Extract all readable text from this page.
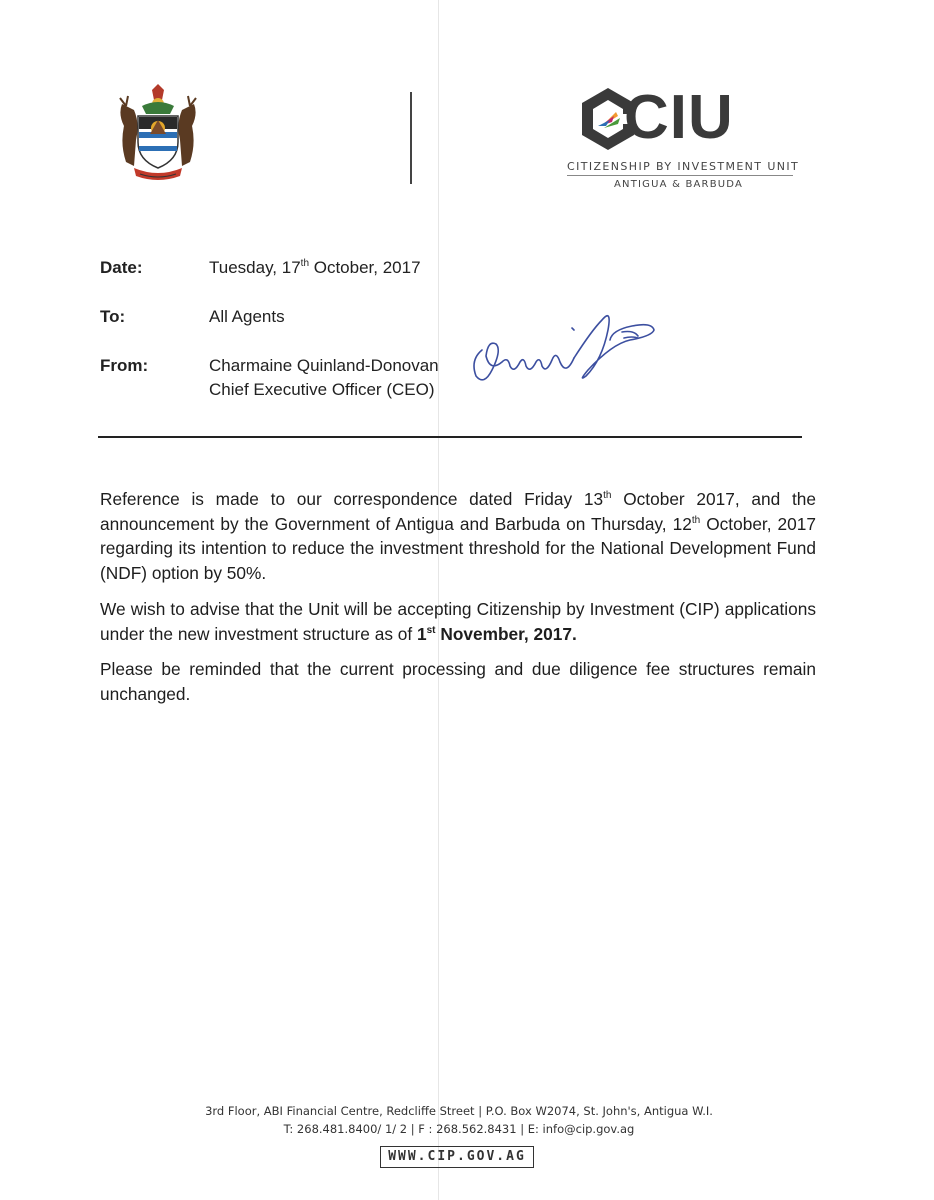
CIU
CITIZENSHIP BY INVESTMENT UNIT
ANTIGUA & BARBUDA
Date:	Tuesday, 17th October, 2017
To:	All Agents
From:	Charmaine Quinland-Donovan
Chief Executive Officer (CEO)

Reference is made to our correspondence dated Friday 13th October 2017, and the announcement by the Government of Antigua and Barbuda on Thursday, 12th October, 2017 regarding its intention to reduce the investment threshold for the National Development Fund (NDF) option by 50%.

We wish to advise that the Unit will be accepting Citizenship by Investment (CIP) applications under the new investment structure as of 1st November, 2017.

Please be reminded that the current processing and due diligence fee structures remain unchanged.

3rd Floor, ABI Financial Centre, Redcliffe Street | P.O. Box W2074, St. John's, Antigua W.I.
T: 268.481.8400/ 1/ 2 | F : 268.562.8431 | E: info@cip.gov.ag
WWW.CIP.GOV.AG
